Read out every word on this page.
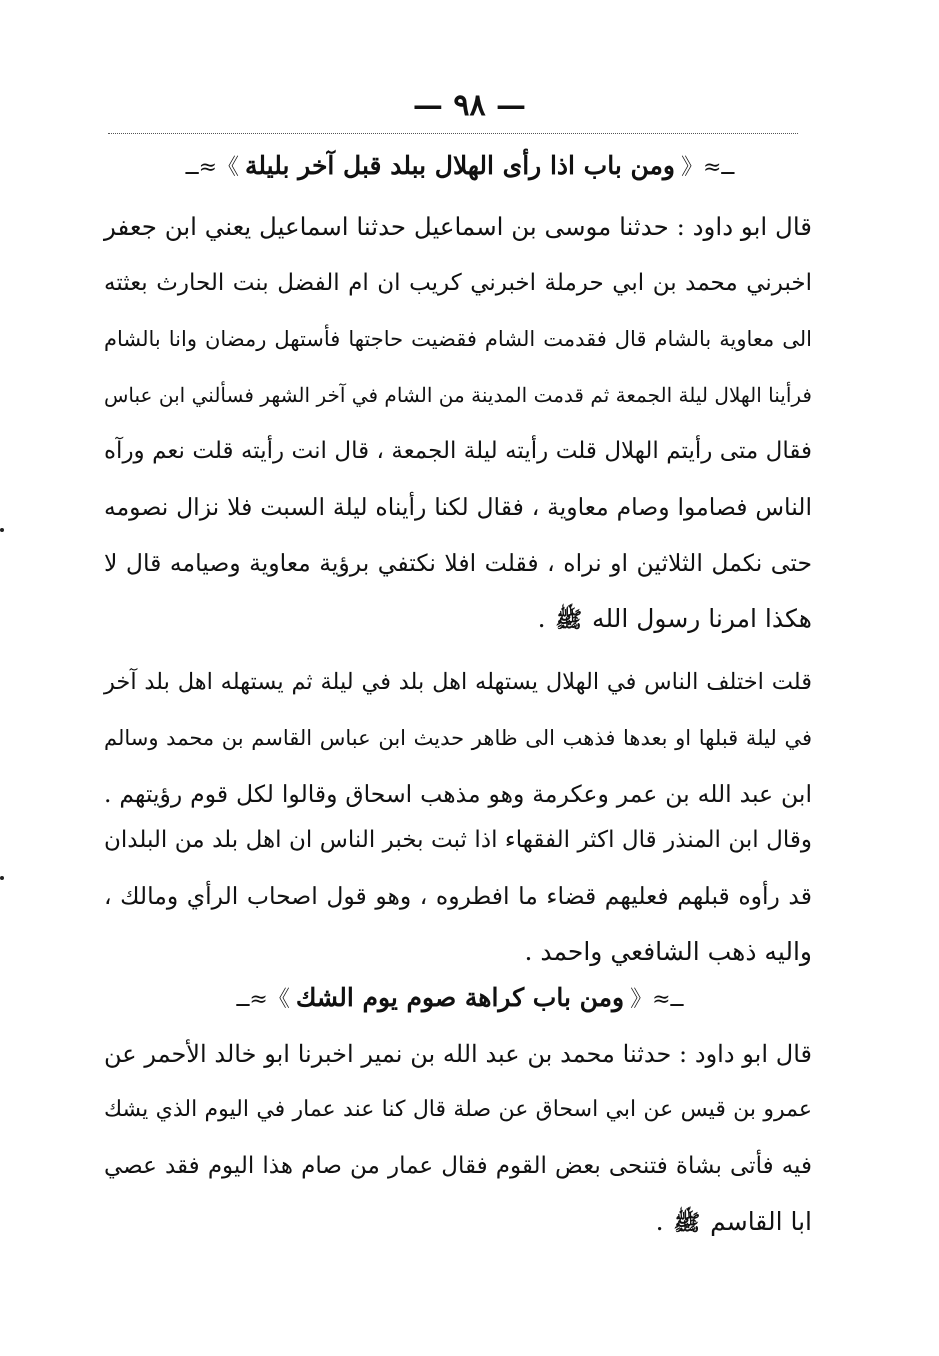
— ٩٨ —
ــ≈《ومن باب اذا رأى الهلال ببلد قبل آخر بليلة》≈ــ
قال ابو داود : حدثنا موسى بن اسماعيل حدثنا اسماعيل يعني ابن جعفر
اخبرني محمد بن ابي حرملة اخبرني كريب ان ام الفضل بنت الحارث بعثته
الى معاوية بالشام قال فقدمت الشام فقضيت حاجتها فأستهل رمضان وانا بالشام
فرأينا الهلال ليلة الجمعة ثم قدمت المدينة من الشام في آخر الشهر فسألني ابن عباس
فقال متى رأيتم الهلال قلت رأيته ليلة الجمعة ، قال انت رأيته قلت نعم ورآه
الناس فصاموا وصام معاوية ، فقال لكنا رأيناه ليلة السبت فلا نزال نصومه
حتى نكمل الثلاثين او نراه ، فقلت افلا نكتفي برؤية معاوية وصيامه قال لا
هكذا امرنا رسول الله ﷺ .
قلت اختلف الناس في الهلال يستهله اهل بلد في ليلة ثم يستهله اهل بلد آخر
في ليلة قبلها او بعدها فذهب الى ظاهر حديث ابن عباس القاسم بن محمد وسالم
ابن عبد الله بن عمر وعكرمة وهو مذهب اسحاق وقالوا لكل قوم رؤيتهم .
وقال ابن المنذر قال اكثر الفقهاء اذا ثبت بخبر الناس ان اهل بلد من البلدان
قد رأوه قبلهم فعليهم قضاء ما افطروه ، وهو قول اصحاب الرأي ومالك ،
واليه ذهب الشافعي واحمد .
ــ≈《ومن باب كراهة صوم يوم الشك》≈ــ
قال ابو داود : حدثنا محمد بن عبد الله بن نمير اخبرنا ابو خالد الأحمر عن
عمرو بن قيس عن ابي اسحاق عن صلة قال كنا عند عمار في اليوم الذي يشك
فيه فأتى بشاة فتنحى بعض القوم فقال عمار من صام هذا اليوم فقد عصي
ابا القاسم ﷺ .
